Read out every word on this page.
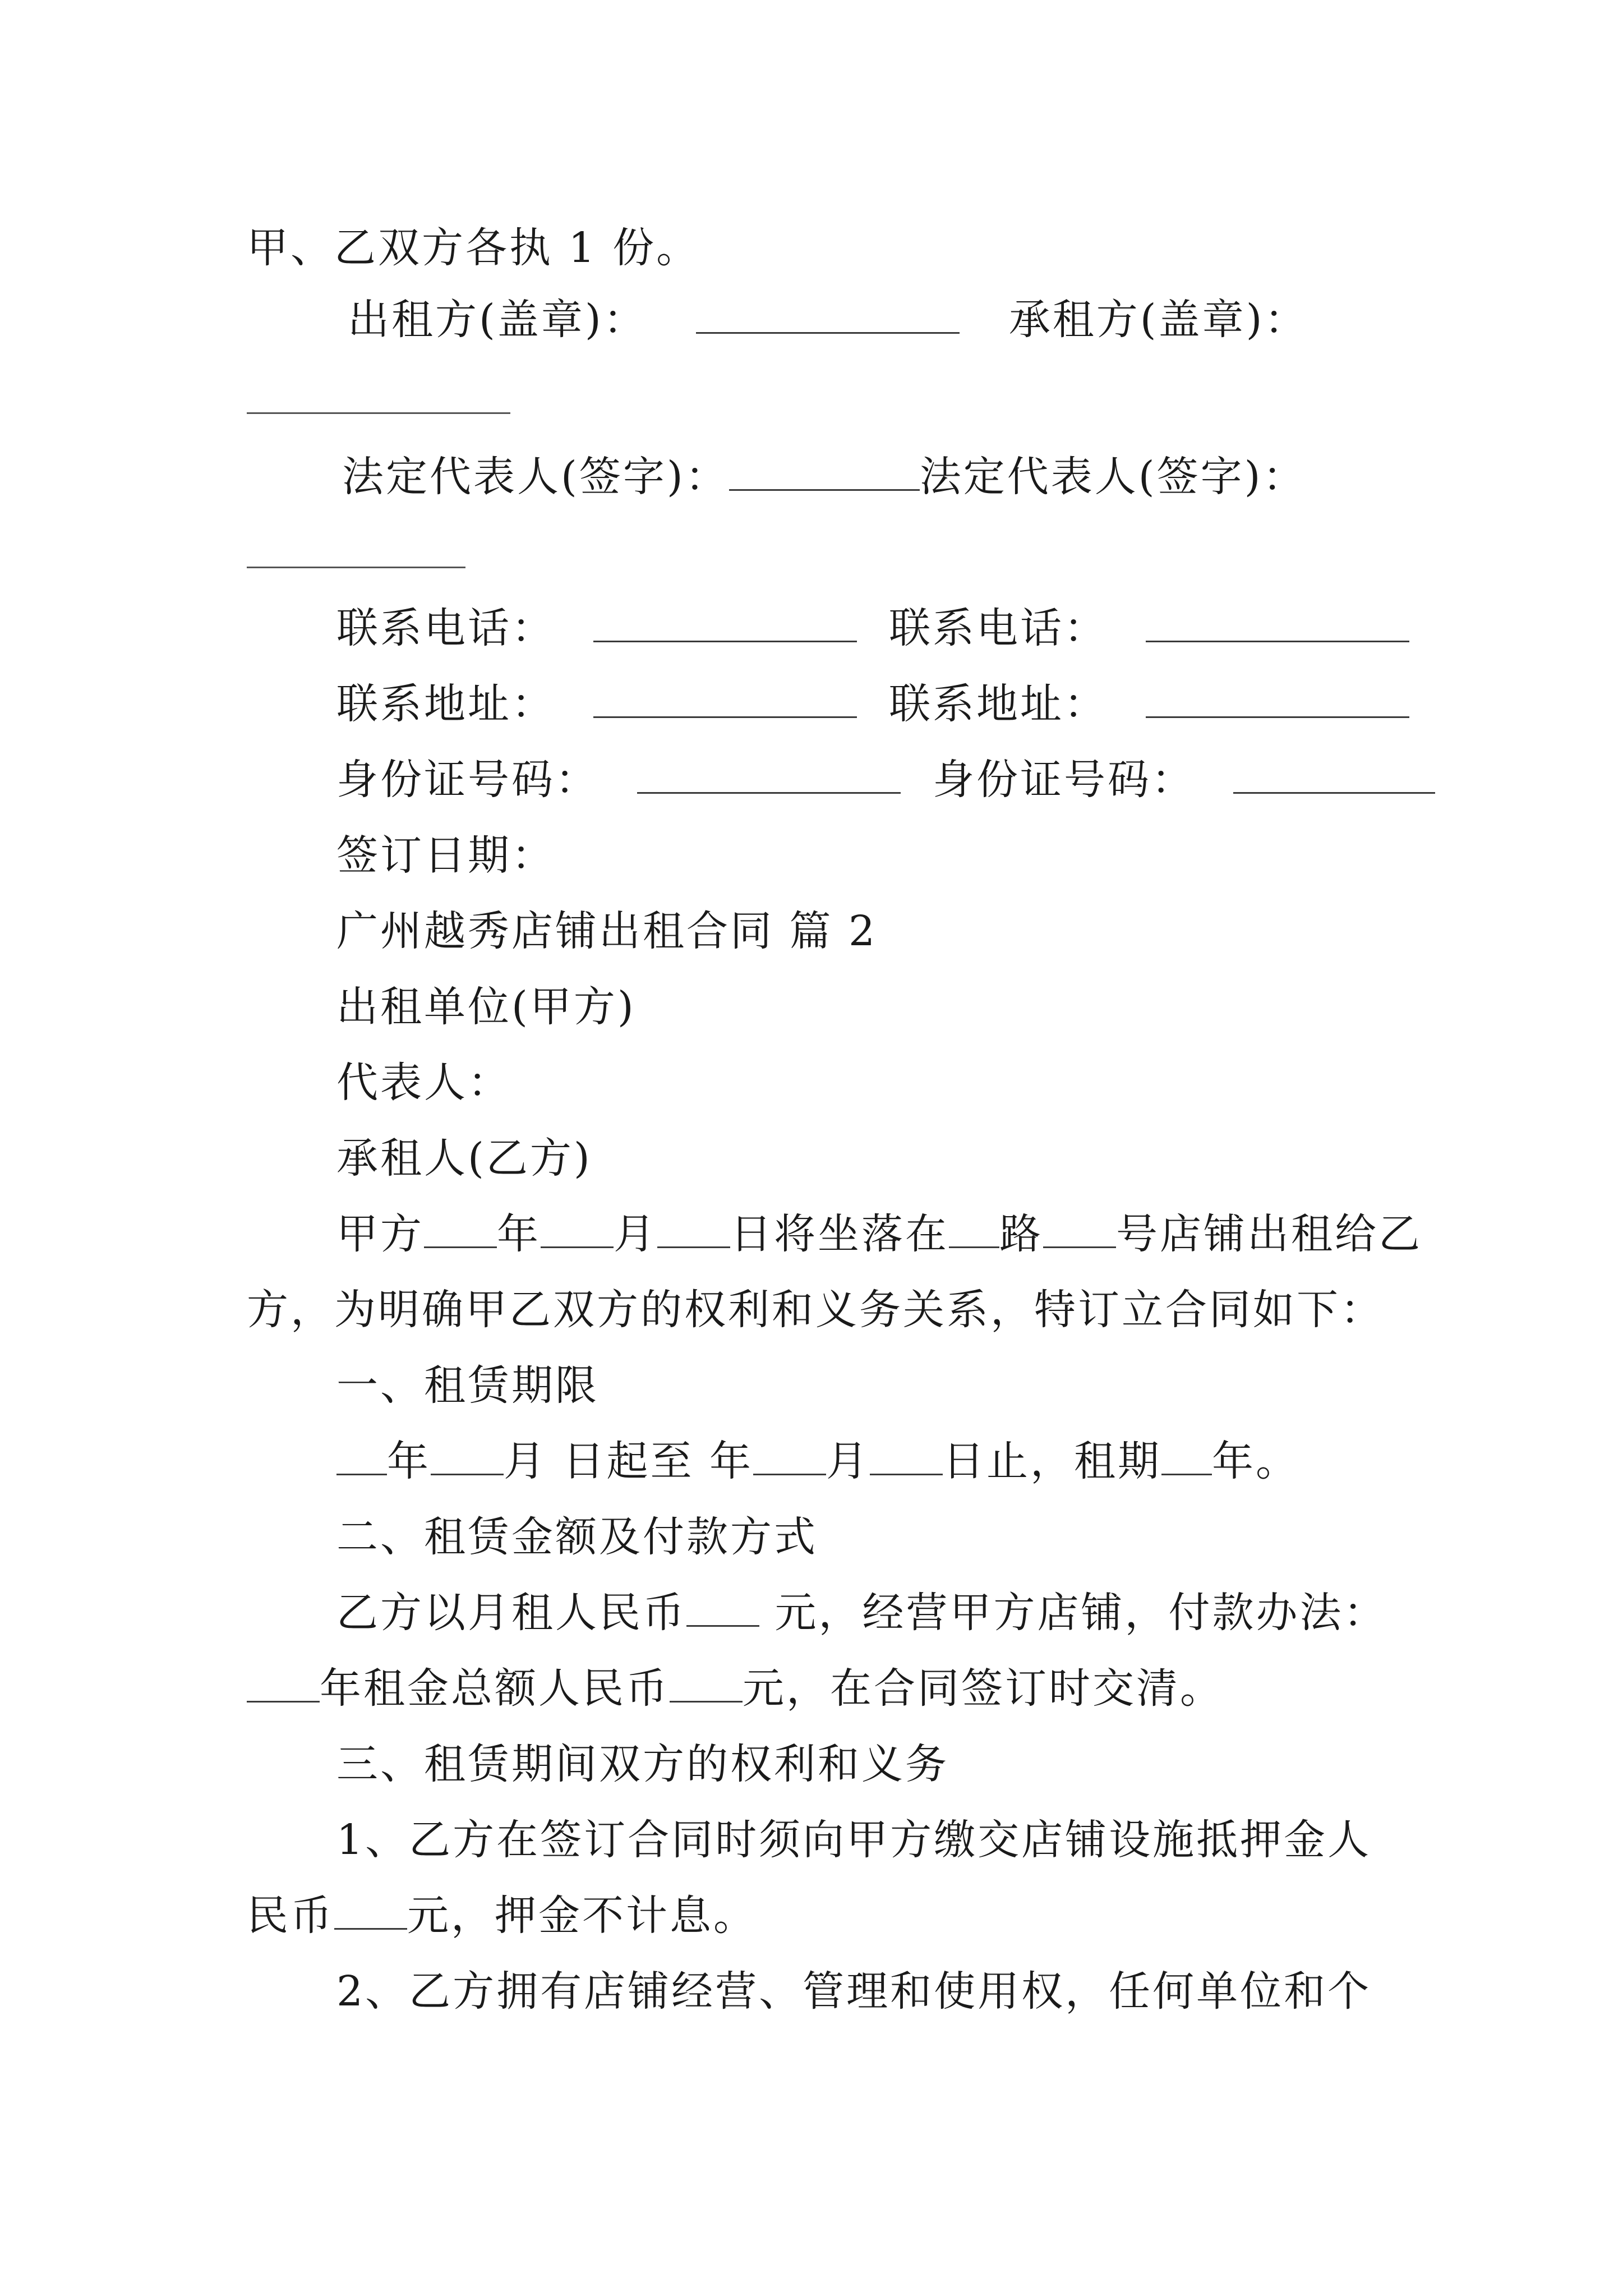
甲、乙双方各执 1 份。
出租方(盖章)：	承租方(盖章)：
法定代表人(签字)：	法定代表人(签字)：
联系电话：	联系电话：
联系地址：	联系地址：
身份证号码：	身份证号码：
签订日期：
广州越秀店铺出租合同 篇 2
出租单位(甲方)
代表人：
承租人(乙方)
甲方 年 月 日将坐落在 路 号店铺出租给乙
方，为明确甲乙双方的权利和义务关系，特订立合同如下：
一、租赁期限
年 月 日起至 年 月 日止，租期 年。
二、租赁金额及付款方式
乙方以月租人民币 元，经营甲方店铺，付款办法：
年租金总额人民币 元，在合同签订时交清。
三、租赁期间双方的权利和义务
1、乙方在签订合同时须向甲方缴交店铺设施抵押金人
民币 元，押金不计息。
2、乙方拥有店铺经营、管理和使用权，任何单位和个
